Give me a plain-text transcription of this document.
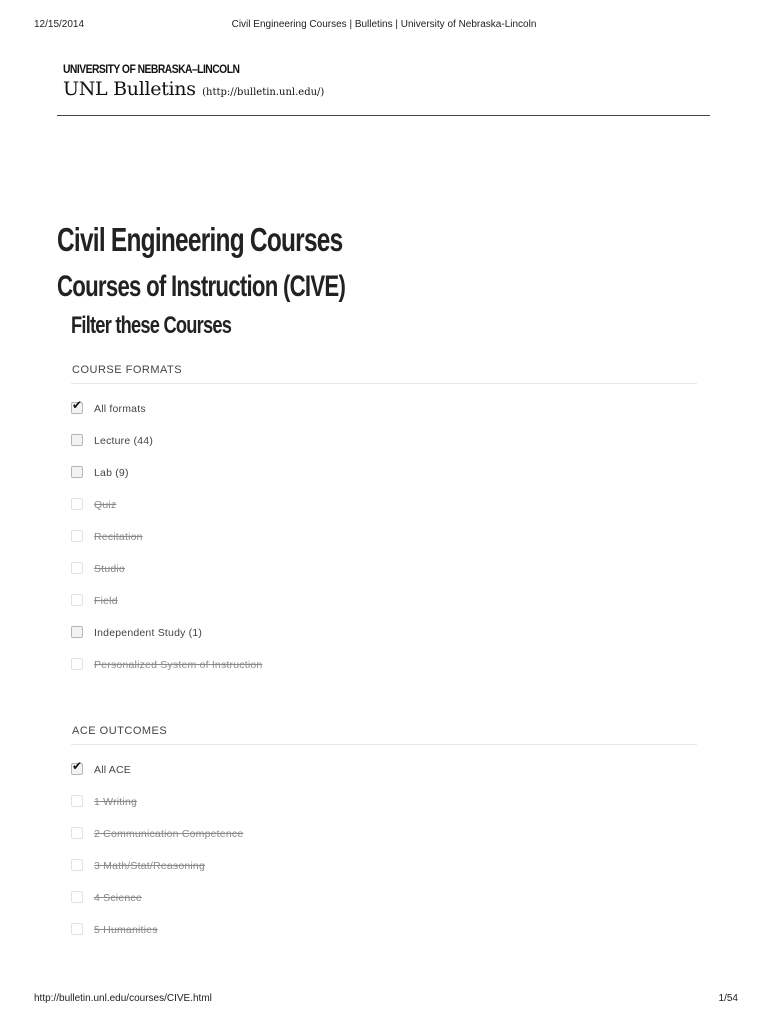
12/15/2014	Civil Engineering Courses | Bulletins | University of Nebraska-Lincoln
UNIVERSITY OF NEBRASKA–LINCOLN
UNL Bulletins (http://bulletin.unl.edu/)
Civil Engineering Courses
Courses of Instruction (CIVE)
Filter these Courses
COURSE FORMATS
✔ All formats
Lecture (44)
Lab (9)
Quiz
Recitation
Studio
Field
Independent Study (1)
Personalized System of Instruction
ACE OUTCOMES
✔ All ACE
1 Writing
2 Communication Competence
3 Math/Stat/Reasoning
4 Science
5 Humanities
http://bulletin.unl.edu/courses/CIVE.html	1/54
